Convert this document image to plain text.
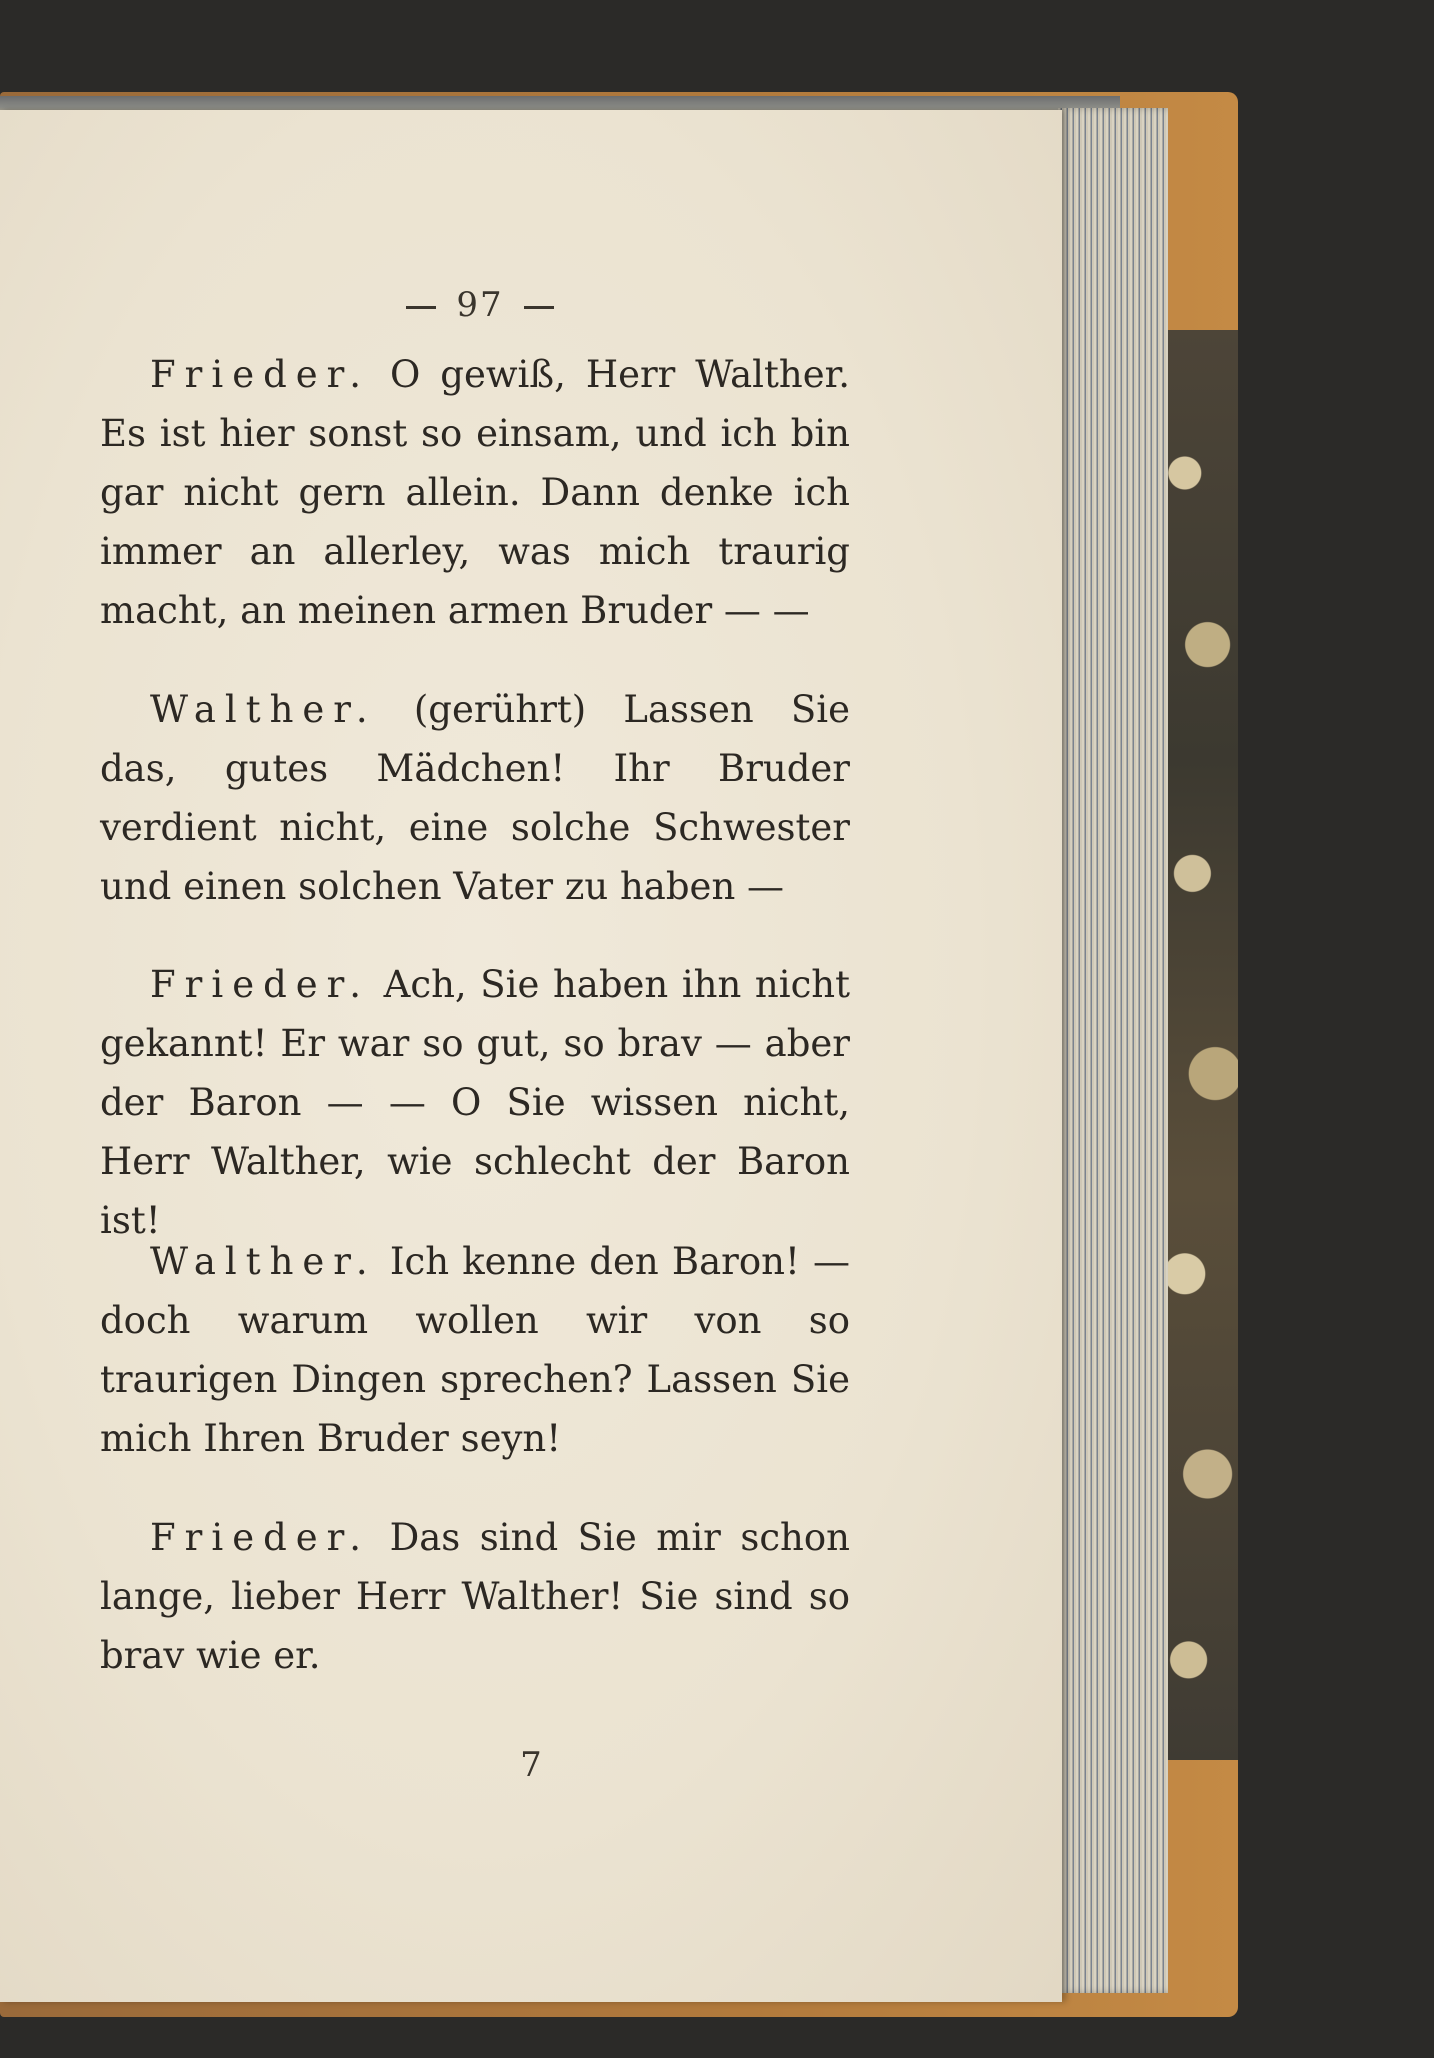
97

Frieder. O gewiß, Herr Walther. Es ist hier sonst so einsam, und ich bin gar nicht gern allein. Dann denke ich immer an allerley, was mich traurig macht, an meinen armen Bruder — —

Walther. (gerührt) Lassen Sie das, gutes Mädchen! Ihr Bruder verdient nicht, eine solche Schwester und einen solchen Vater zu haben —

Frieder. Ach, Sie haben ihn nicht gekannt! Er war so gut, so brav — aber der Baron — — O Sie wissen nicht, Herr Walther, wie schlecht der Baron ist!

Walther. Ich kenne den Baron! — doch warum wollen wir von so traurigen Dingen sprechen? Lassen Sie mich Ihren Bruder seyn!

Frieder. Das sind Sie mir schon lange, lieber Herr Walther! Sie sind so brav wie er.

7
